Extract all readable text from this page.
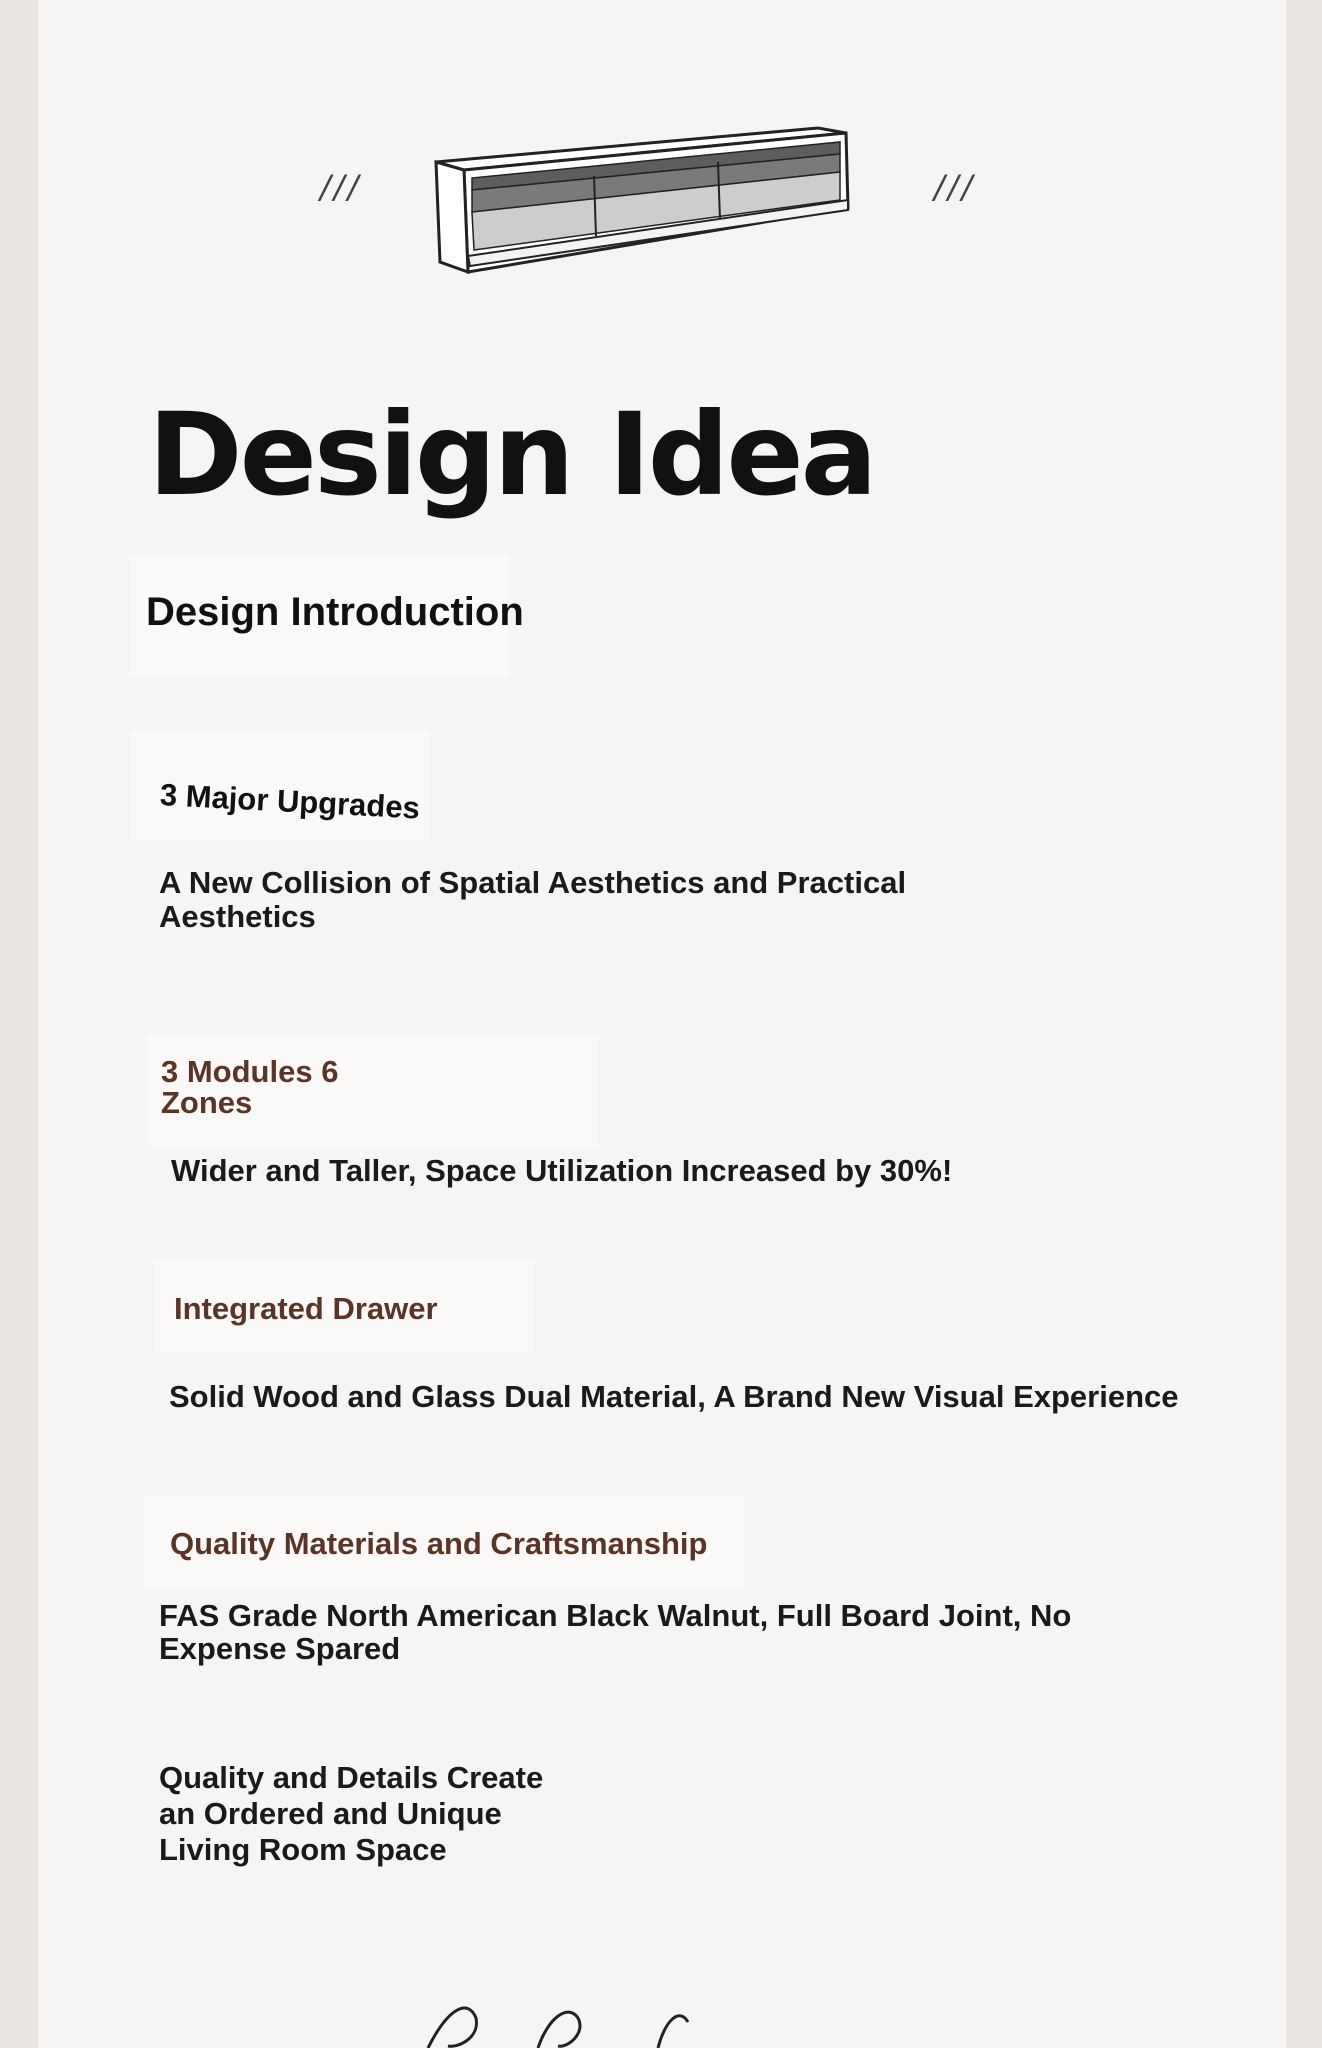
///	///
Design Idea
Design Introduction

3 Major Upgrades

A New Collision of Spatial Aesthetics and Practical Aesthetics

3 Modules 6 Zones

Wider and Taller, Space Utilization Increased by 30%!

Integrated Drawer

Solid Wood and Glass Dual Material, A Brand New Visual Experience

Quality Materials and Craftsmanship

FAS Grade North American Black Walnut, Full Board Joint, No Expense Spared

Quality and Details Create an Ordered and Unique Living Room Space
